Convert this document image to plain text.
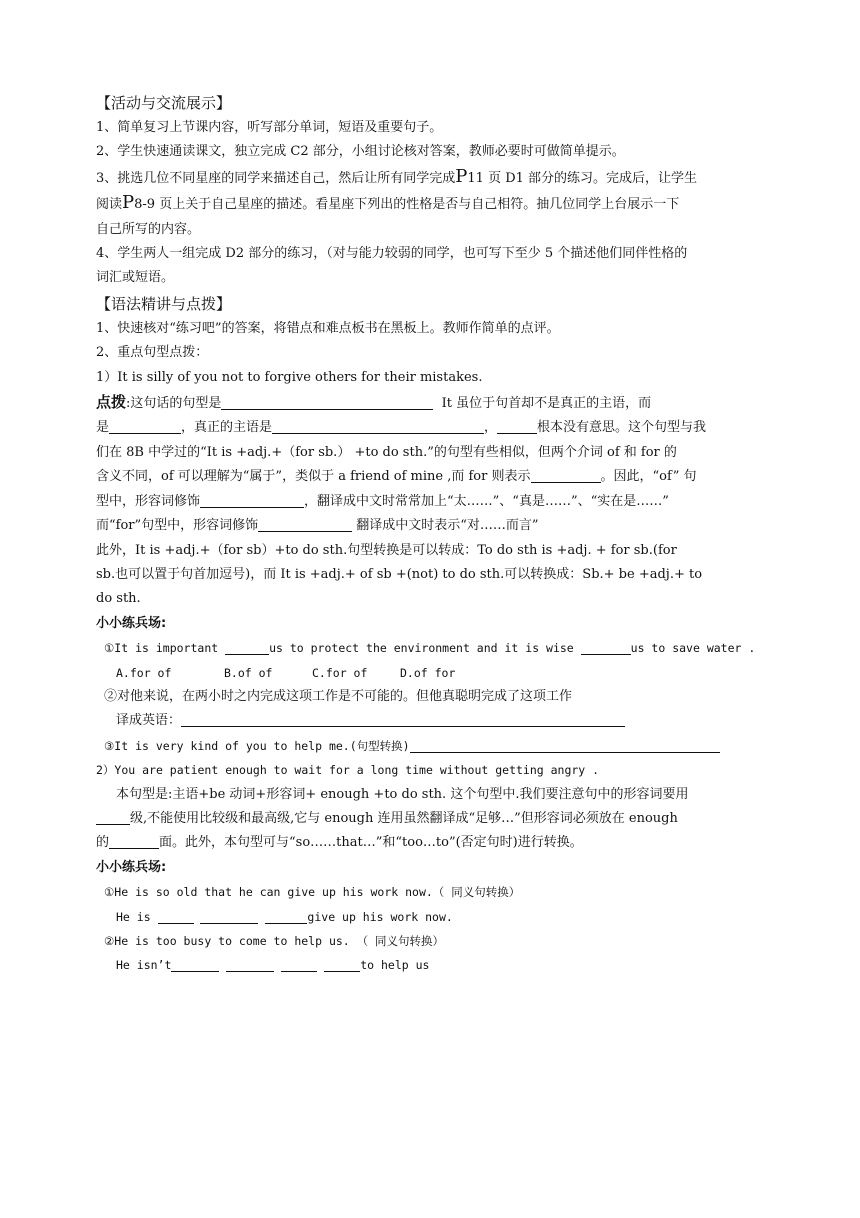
【活动与交流展示】
1、简单复习上节课内容，听写部分单词，短语及重要句子。
2、学生快速通读课文，独立完成 C2 部分，小组讨论核对答案，教师必要时可做简单提示。
3、挑选几位不同星座的同学来描述自己，然后让所有同学完成P11 页 D1 部分的练习。完成后，让学生
阅读P8-9 页上关于自己星座的描述。看星座下列出的性格是否与自己相符。抽几位同学上台展示一下
自己所写的内容。
4、学生两人一组完成 D2 部分的练习，（对与能力较弱的同学，也可写下至少 5 个描述他们同伴性格的
词汇或短语。
【语法精讲与点拨】
1、快速核对“练习吧”的答案，将错点和难点板书在黑板上。教师作简单的点评。
2、重点句型点拨：
1）It is silly of you not to forgive others for their mistakes.
点拨:这句话的句型是	It 虽位于句首却不是真正的主语，而
是	，真正的主语是	，	根本没有意思。这个句型与我
们在 8B 中学过的“It is +adj.+（for sb.） +to do sth.”的句型有些相似，但两个介词 of 和 for 的
含义不同，of 可以理解为“属于”，类似于 a friend of mine ,而 for 则表示	。因此，“of” 句
型中，形容词修饰	，翻译成中文时常常加上“太……”、“真是……”、“实在是……”
而“for”句型中，形容词修饰	翻译成中文时表示“对……而言”
此外，It is +adj.+（for sb）+to do sth.句型转换是可以转成：To do sth is +adj. + for sb.(for
sb.也可以置于句首加逗号)，而 It is +adj.+ of sb +(not) to do sth.可以转换成：Sb.+ be +adj.+ to
do sth.
小小练兵场:
①It is important	us to protect the environment and it is wise	us to save water .
A.for of	B.of of	C.for of	D.of for
②对他来说，在两小时之内完成这项工作是不可能的。但他真聪明完成了这项工作
译成英语：
③It is very kind of you to help me.(句型转换)
2）You are patient enough to wait for a long time without getting angry .
本句型是:主语+be 动词+形容词+ enough +to do sth. 这个句型中.我们要注意句中的形容词要用
级,不能使用比较级和最高级,它与 enough 连用虽然翻译成“足够…”但形容词必须放在 enough
的	面。此外，本句型可与“so……that…”和“too…to”(否定句时)进行转换。
小小练兵场:
①He is so old that he can give up his work now.（ 同义句转换）
He is	give up his work now.
②He is too busy to come to help us. （ 同义句转换）
He isn’t	to help us
